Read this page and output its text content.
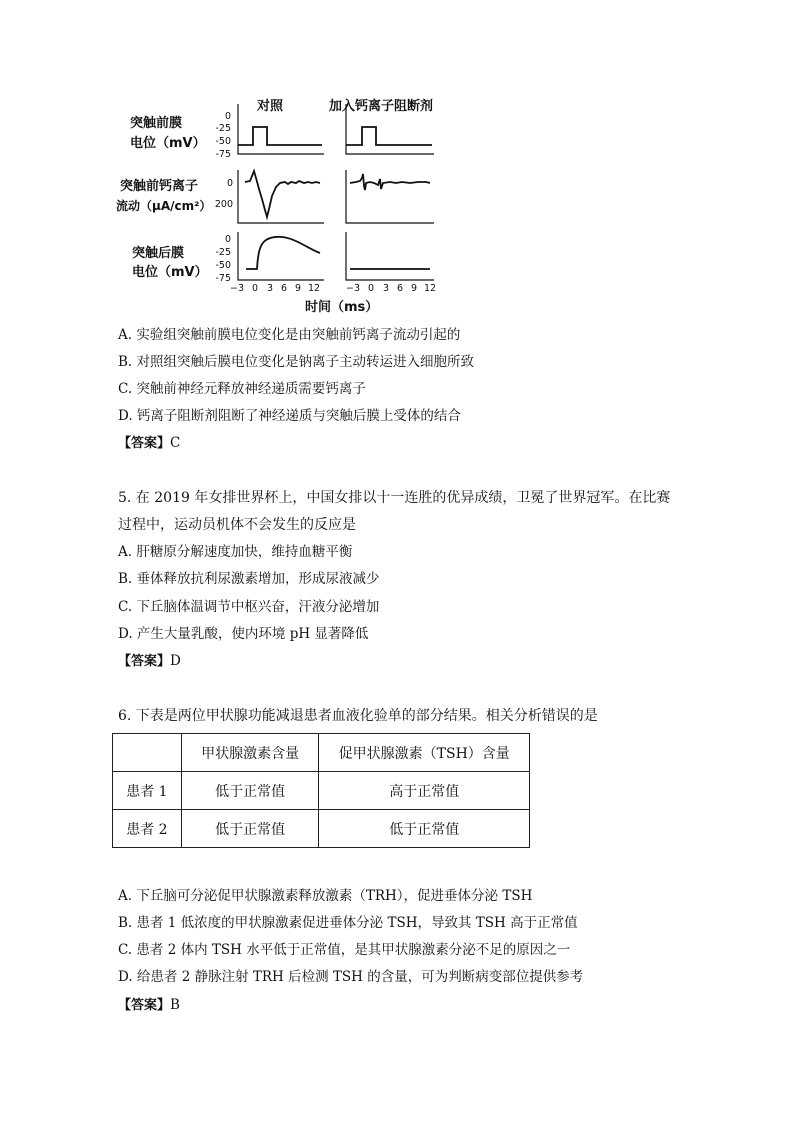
对照	加入钙离子阻断剂
突触前膜
电位（mV）
突触前钙离子
流动（μA/cm²）
突触后膜
电位（mV）
0
-25
-50
-75
0
200
0
-25
-50
-75
−3 0 3 6 9 12	−3 0 3 6 9 12
时间（ms）
A. 实验组突触前膜电位变化是由突触前钙离子流动引起的
B. 对照组突触后膜电位变化是钠离子主动转运进入细胞所致
C. 突触前神经元释放神经递质需要钙离子
D. 钙离子阻断剂阻断了神经递质与突触后膜上受体的结合
【答案】C
5. 在 2019 年女排世界杯上，中国女排以十一连胜的优异成绩，卫冕了世界冠军。在比赛
过程中，运动员机体不会发生的反应是
A. 肝糖原分解速度加快，维持血糖平衡
B. 垂体释放抗利尿激素增加，形成尿液减少
C. 下丘脑体温调节中枢兴奋，汗液分泌增加
D. 产生大量乳酸，使内环境 pH 显著降低
【答案】D
6. 下表是两位甲状腺功能减退患者血液化验单的部分结果。相关分析错误的是
	甲状腺激素含量	促甲状腺激素（TSH）含量
患者 1	低于正常值	高于正常值
患者 2	低于正常值	低于正常值
A. 下丘脑可分泌促甲状腺激素释放激素（TRH），促进垂体分泌 TSH
B. 患者 1 低浓度的甲状腺激素促进垂体分泌 TSH，导致其 TSH 高于正常值
C. 患者 2 体内 TSH 水平低于正常值，是其甲状腺激素分泌不足的原因之一
D. 给患者 2 静脉注射 TRH 后检测 TSH 的含量，可为判断病变部位提供参考
【答案】B
